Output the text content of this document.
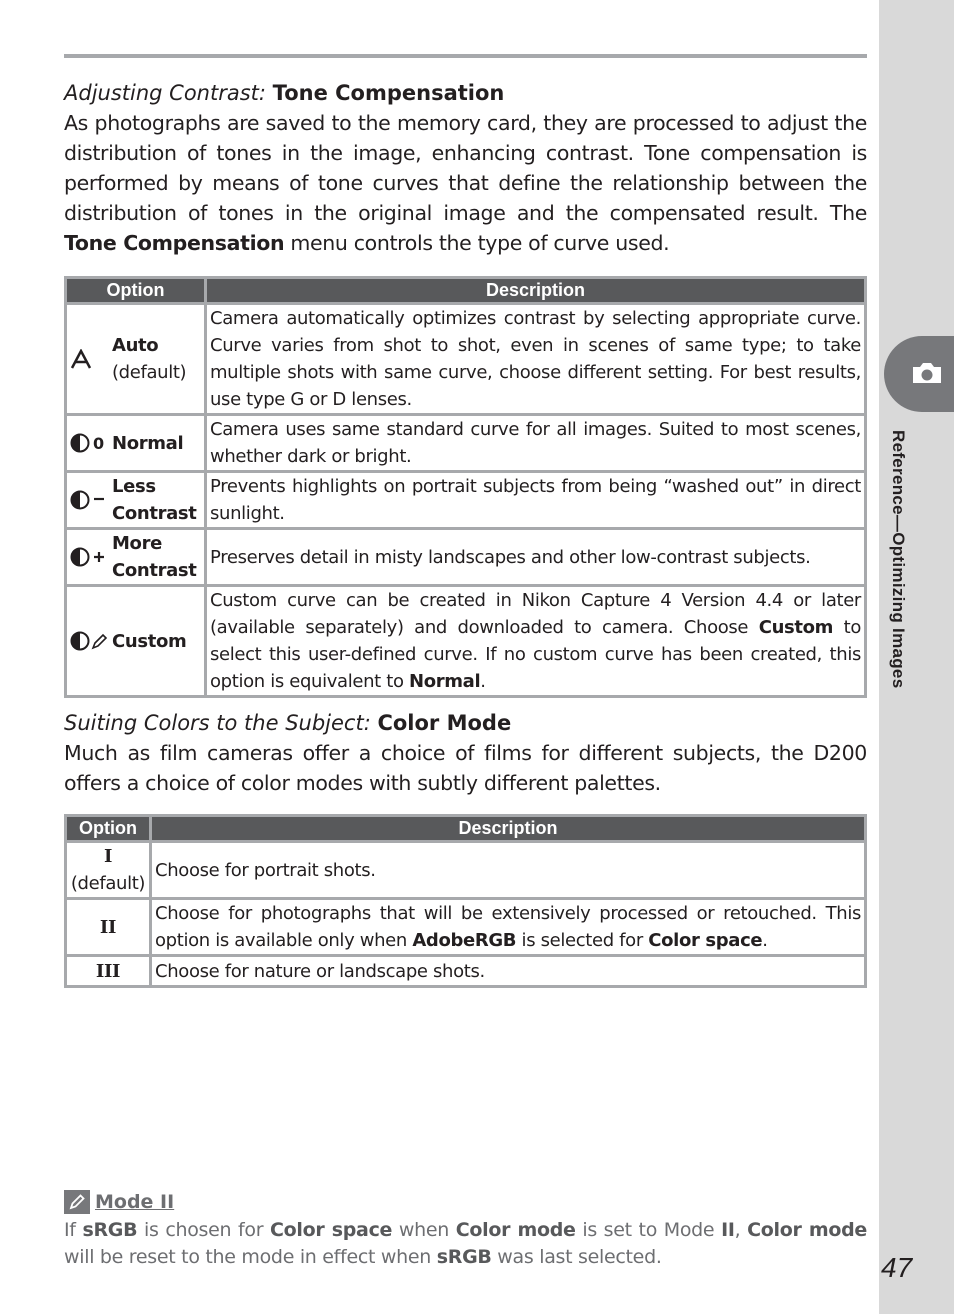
Reference—Optimizing Images
Adjusting Contrast: Tone Compensation
As photographs are saved to the memory card, they are processed to adjust the distribution of tones in the image, enhancing contrast. Tone compensation is performed by means of tone curves that define the relationship between the distribution of tones in the original image and the compensated result. The Tone Compensation menu controls the type of curve used.
Option	Description

Auto
(default)	Camera automatically optimizes contrast by selecting appropriate curve. Curve varies from shot to shot, even in scenes of same type; to take multiple shots with same curve, choose different setting. For best results, use type G or D lenses.

0 Normal	Camera uses same standard curve for all images. Suited to most scenes, whether dark or bright.

Less Contrast	Prevents highlights on portrait subjects from being “washed out” in direct sunlight.

More Contrast	Preserves detail in misty landscapes and other low-contrast subjects.

Custom	Custom curve can be created in Nikon Capture 4 Version 4.4 or later (available separately) and downloaded to camera. Choose Custom to select this user-defined curve. If no custom curve has been created, this option is equivalent to Normal.
Suiting Colors to the Subject: Color Mode
Much as film cameras offer a choice of films for different subjects, the D200 offers a choice of color modes with subtly different palettes.
Option	Description

I
(default)	Choose for portrait shots.
II	Choose for photographs that will be extensively processed or retouched. This option is available only when AdobeRGB is selected for Color space.
III	Choose for nature or landscape shots.
Mode II
If sRGB is chosen for Color space when Color mode is set to Mode II, Color mode will be reset to the mode in effect when sRGB was last selected.	47
